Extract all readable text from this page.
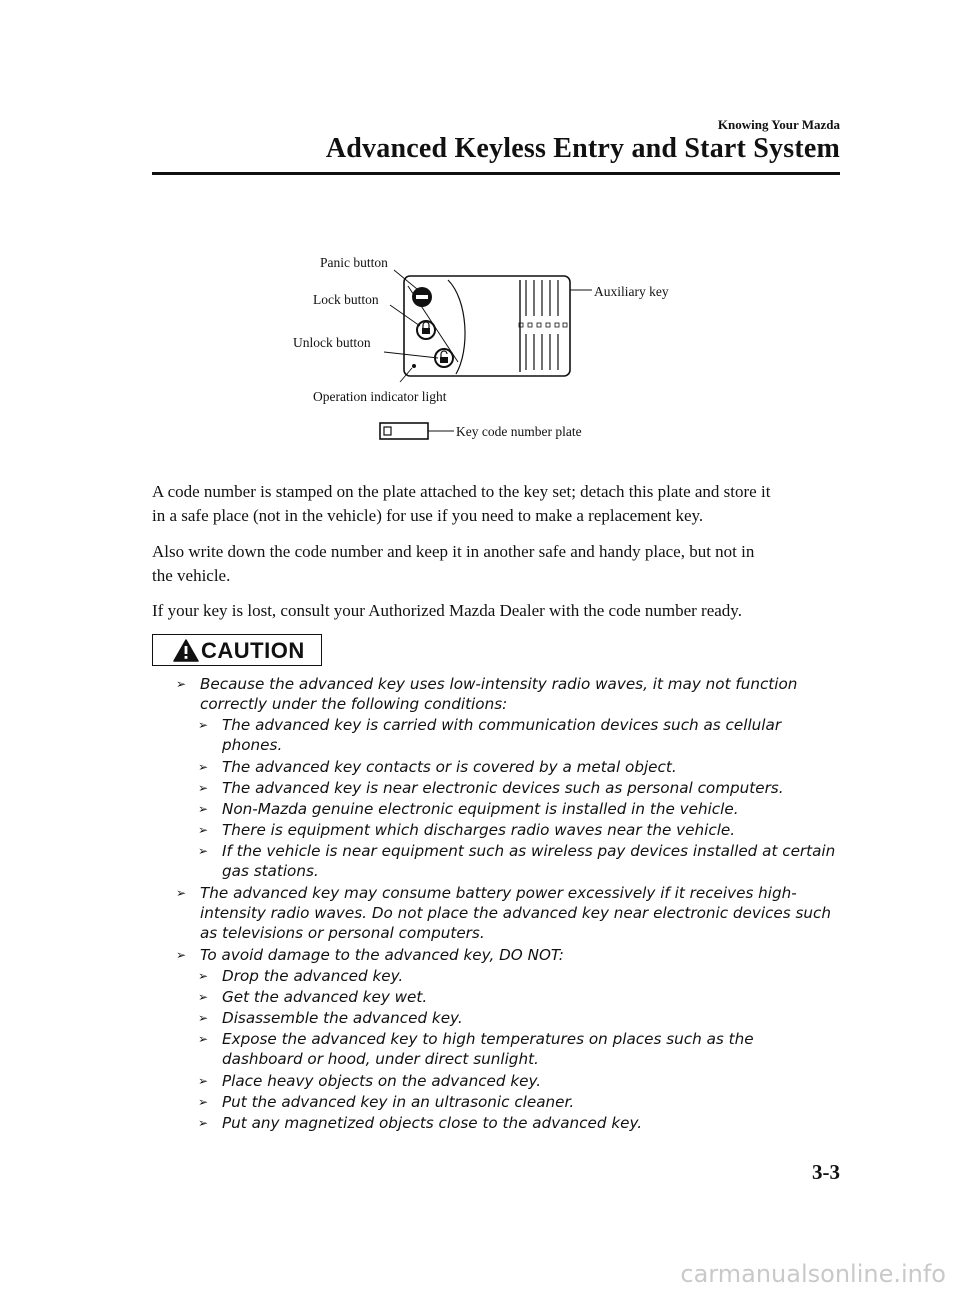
Knowing Your Mazda
Advanced Keyless Entry and Start System
Panic button
Lock button
Unlock button
Operation indicator light
Auxiliary key
Key code number plate
A code number is stamped on the plate attached to the key set; detach this plate and store it
in a safe place (not in the vehicle) for use if you need to make a replacement key.
Also write down the code number and keep it in another safe and handy place, but not in
the vehicle.
If your key is lost, consult your Authorized Mazda Dealer with the code number ready.
CAUTION
➢ Because the advanced key uses low-intensity radio waves, it may not function
correctly under the following conditions:
➢ The advanced key is carried with communication devices such as cellular
phones.
➢ The advanced key contacts or is covered by a metal object.
➢ The advanced key is near electronic devices such as personal computers.
➢ Non-Mazda genuine electronic equipment is installed in the vehicle.
➢ There is equipment which discharges radio waves near the vehicle.
➢ If the vehicle is near equipment such as wireless pay devices installed at certain
gas stations.
➢ The advanced key may consume battery power excessively if it receives high-
intensity radio waves. Do not place the advanced key near electronic devices such
as televisions or personal computers.
➢ To avoid damage to the advanced key, DO NOT:
➢ Drop the advanced key.
➢ Get the advanced key wet.
➢ Disassemble the advanced key.
➢ Expose the advanced key to high temperatures on places such as the
dashboard or hood, under direct sunlight.
➢ Place heavy objects on the advanced key.
➢ Put the advanced key in an ultrasonic cleaner.
➢ Put any magnetized objects close to the advanced key.
3-3
carmanualsonline.info
